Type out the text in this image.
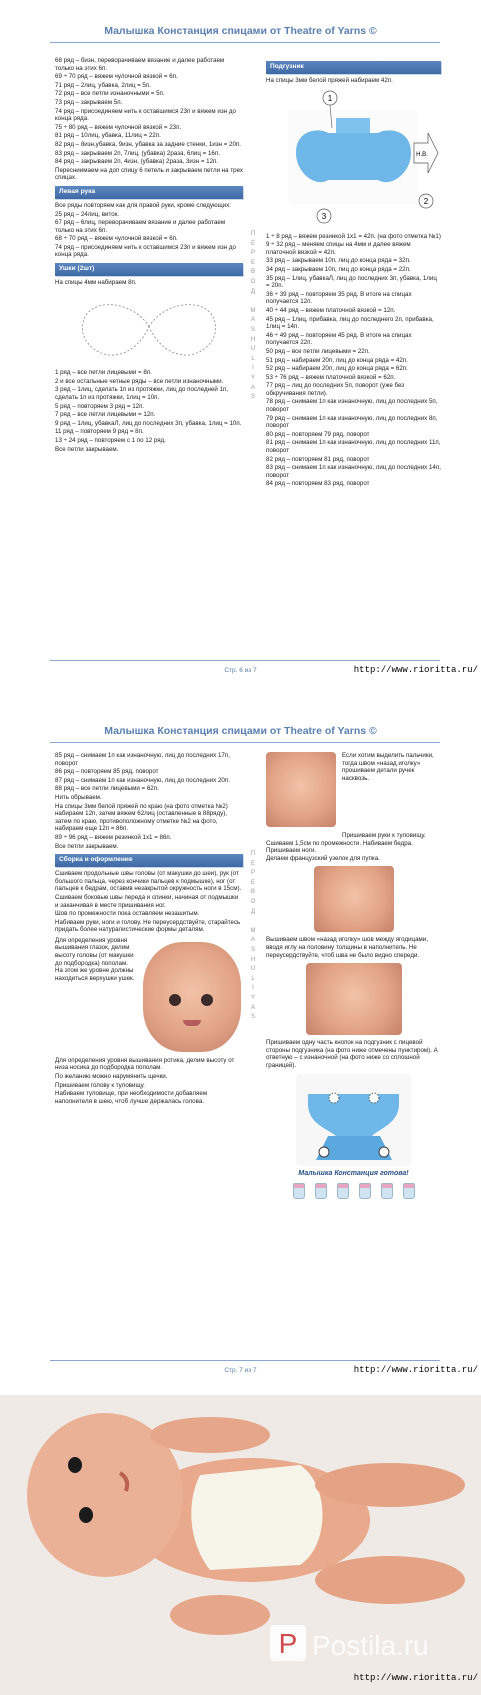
Малышка Констанция спицами от Theatre of Yarns ©

68 ряд – бизн, переворачиваем вязание и далее работаем только на этих 6п.

69 ÷ 70 ряд – вяжем чулочной вязкой = 6п.

71 ряд – 2лиц, убавка, 2лиц = 5п.

72 ряд – все петли изнаночными = 5п.

73 ряд – закрываем 5п.

74 ряд – присоединяем нить к оставшимся 23п и вяжем изн до конца ряда.

75 ÷ 80 ряд – вяжем чулочной вязкой = 23п.

81 ряд – 10лиц, убавка, 11лиц = 22п.

82 ряд – 8изн,убавка, 9изн, убавка за задние стенки, 1изн = 20п.

83 ряд – закрываем 2п, 7лиц, (убавка) 2раза, 6лиц = 16п.

84 ряд – закрываем 2п, 4изн, (убавка) 2раза, 3изн = 12п.

Пересниимаем на доп спицу 6 петель и закрываем петли на трех спицах.

Левая рука

Все ряды повторяем как для правой руки, кроме следующих:

25 ряд – 24лиц, виток.

67 ряд – 6лиц, переворачиваем вязание и далее работаем только на этих 6п.

68 ÷ 70 ряд – вяжем чулочной вязкой = 6п.

74 ряд – присоединяем нить к оставшимся 23п и вяжем изн до конца ряда.

Ушки (2шт)

На спицы 4мм набираем 8п.

1 ряд – все петли лицевыми = 8п.

2 и все остальные четные ряды – все петли изнаночными.

3 ряд – 1лиц, сделать 1п из протяжки, лиц до последней 1п, сделать 1п из протяжки, 1лиц = 10п.

5 ряд – повторяем 3 ряд = 12п.

7 ряд – все петли лицевыми = 12п.

9 ряд – 1лиц, убавкаЛ, лиц до последних 3п, убавка, 1лиц = 10п.

11 ряд – повторяем 9 ряд = 8п.

13 ÷ 24 ряд – повторяем с 1 по 12 ряд.

Все петли закрываем.

П
Е
Р
Е
В
О
Д

M
A
S
H
U
L
I
Y
A
S
Подгузник

На спицы 3мм белой пряжей набираем 42п.

1
2
3
Н.В.

1 ÷ 8 ряд – вяжем резинкой 1х1 = 42п. (на фото отметка №1)

9 ÷ 32 ряд – меняем спицы на 4мм и далее вяжем платочной вязкой = 42п.

33 ряд – закрываем 10п, лиц до конца ряда = 32п.

34 ряд – закрываем 10п, лиц до конца ряда = 22п.

35 ряд – 1лиц, убавкаЛ, лиц до последних 3п, убавка, 1лиц = 20п.

36 ÷ 39 ряд – повторяем 35 ряд. В итоге на спицах получается 12п.

40 ÷ 44 ряд – вяжем платочной вязкой = 12п.

45 ряд – 1лиц, прибавка, лиц до последнего 2п, прибавка, 1лиц = 14п.

46 ÷ 49 ряд – повторяем 45 ряд. В итоге на спицах получается 22п.

50 ряд – все петли лицевыми = 22п.

51 ряд – набираем 20п, лиц до конца ряда = 42п.

52 ряд – набираем 20п, лиц до конца ряда = 62п.

53 ÷ 76 ряд – вяжем платочной вязкой = 62п.

77 ряд – лиц до последних 5п, поворот (уже без обкручивания петли).

78 ряд – снимаем 1п как изнаночную, лиц до последних 5п, поворот

79 ряд – снимаем 1п как изнаночную, лиц до последних 8п, поворот

80 ряд – повторяем 79 ряд, поворот

81 ряд – снимаем 1п как изнаночную, лиц до последних 11п, поворот

82 ряд – повторяем 81 ряд, поворот

83 ряд – снимаем 1п как изнаночную, лиц до последних 14п, поворот

84 ряд – повторяем 83 ряд, поворот

Стр. 6 из 7	http://www.rioritta.ru/
Малышка Констанция спицами от Theatre of Yarns ©

85 ряд – снимаем 1п как изнаночную, лиц до последних 17п, поворот

86 ряд – повторяем 85 ряд, поворот

87 ряд – снимаем 1п как изнаночную, лиц до последних 20п.

88 ряд – все петли лицевыми = 62п.

Нить обрываем.

На спицы 3мм белой пряжей по краю (на фото отметка №2) набираем 12п, затем вяжем 62лиц (оставленные в 88ряду), затем по краю, противоположному отметке №2 на фото, набираем еще 12п = 86п.

89 ÷ 96 ряд – вяжем резинкой 1х1 = 86п.

Все петли закрываем.

Сборка и оформление

Сшиваем продольные швы головы (от макушки до шеи), рук (от большого пальца, через кончики пальцев к подмышке), ног (от пальцев к бедрам, оставив незакрытой окружность ноги в 15см).

Сшиваем боковые швы переда и спинки, начиная от подмышки и заканчивая в месте пришивания ног.

Шов по промежности пока оставляем незашитым.

Набиваем руки, ноги и голову. Не переусердствуйте, старайтесь придать более натуралистические формы деталям.

Для определения уровня вышивания глазок, делим высоту головы (от макушки до подбородка) пополам. На этом же уровне должны находиться верхушки ушек.

Для определения уровня вышивания ротика, делим высоту от низа носика до подбородка пополам.

По желанию можно нарумянить щечки.

Пришиваем голову к туловищу.

Набиваем туловище, при необходимости добавляем наполнителя в шею, чтоб лучше держалась голова.

П
Е
Р
Е
В
О
Д

M
A
S
H
U
L
I
Y
A
S

Если хотим выделить пальчики, тогда швом «назад иголку» прошиваем детали ручек насквозь.

Пришиваем руки к туловищу.

Сшиваем 1,5см по промежности. Набиваем бедра.

Пришиваем ноги.

Делаем французский узелок для пупка.

Вышиваем швом «назад иголку» шов между ягодицами, вводя иглу на половину толщины в наполнитель. Не переусердствуйте, чтоб шва не было видно спереди.

Пришиваем одну часть кнопок на подгузник с лицевой стороны подгузника (на фото ниже отмечены пунктиром). А ответную – с изнаночной (на фото ниже со сплошной границей).

Малышка Констанция готова!

Стр. 7 из 7	http://www.rioritta.ru/
P Postila.ru
http://www.rioritta.ru/
